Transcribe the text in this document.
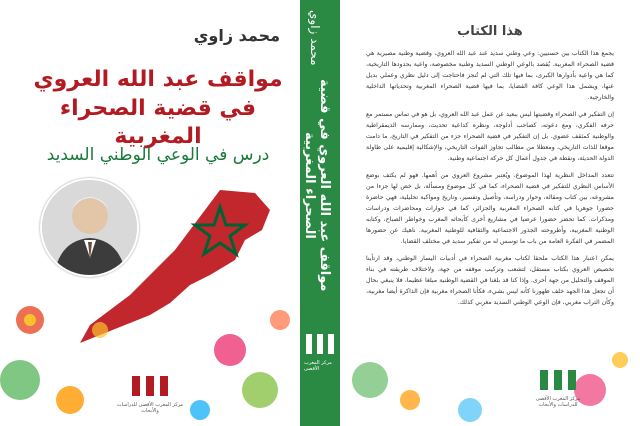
محمد زاوي
مواقف عبد الله العروي
في قضية الصحراء المغربية
درس في الوعي الوطني السديد
مركز المغرب الأقصى للدراسات والأبحاث
مواقف عبد الله العروي في قضية الصحراء المغربية
محمد زاوي
مركز المغرب الأقصى
هذا الكتاب

يجمع هذا الكتاب بين حسنيين: وعي وطني سديد عند عبد الله العروي، وقضية وطنية مصيرية هي قضية الصحراء المغربية. يُقصد بالوعي الوطني السديد وطنية مخصوصة، واعية بحدودها التاريخية، كما هي واعية بأدوارها الكبرى، بما فيها تلك التي لم تُنجز فاحتاجت إلى دليل نظري وعملي بديل عنها، ويشمل هذا الوعي كافة القضايا، بما فيها قضية الصحراء المغربية وتحدياتها الداخلية والخارجية.

إن التفكير في الصحراء وقضيتها ليس ببعيد عن عمل عبد الله العروي، بل هو في تماس مستمر مع حرفه الفكري، ومع دعوته، كصاحب أدلوجة، ونظره كداعية تحديث، وممارسه الديمقراطية والوطنية كمثقف عضوي. بل إن التفكير في قضية الصحراء جزء من التفكير في التاريخ، ما دامت موقعا للذات التاريخي، ومعطلا من مطالب تجاوز الفوات التاريخي، والإشكالية إقليمية على طاولة الدولة الحديثة، ونقطة في جدول أعمال كل حركة اجتماعية وطنية.

تتعدد المداخل النظرية لهذا الموضوع، ويُعتبر مشروع العروي من أهمها. فهو لم يكتف بوضع الأساس النظري للتفكير في قضية الصحراء، كما في كل موضوع ومسألة، بل خص لها جزءا من مشروعه، بين كتاب ومقالة، وحوار ودراسة، وتأصيل وتفسير، وتاريخ ومواكبة تحليلية، فهي حاضرة حضورا جوهريا في كتابه الصحراء المغربية والجزائر، كما في حوارات ومحاضرات ودراسات ومذكرات. كما تحضر حضورا عرضيا في مشاريع أخرى كأبحاثه المغرب وخواطر الصباح، وكتابه الوطنية المغربية، وأطروحته الجذور الاجتماعية والثقافية للوطنية المغربية. ناهيك عن حضورها المضمر في الفكرة العامة من باب ما توسس له من تفكير سديد في مختلف القضايا.

يمكن اعتبار هذا الكتاب ملحقا لكتاب مغربية الصحراء في أدبيات اليسار الوطني، وقد ارتأينا تخصيص العروي بكتاب مستقل، لتشعب وتركيب موقفه من جهة، ولاختلاف طريقته في بناء الموقف والتحليل من جهة أخرى. وإذا كنا قد بلغنا في القضية الوطنية مبلغا عظيما، فلا ينبغي بحال أن تجعل هذا الجهد خلف ظهورنا كأنه ليس بشيء، فكأنا الصحراء مغربية فإن الذاكرة أيضا مغربية، وكأن التراب مغربي، فإن الوعي الوطني السديد مغربي كذلك.

مركز المغرب الأقصى للدراسات والأبحاث
